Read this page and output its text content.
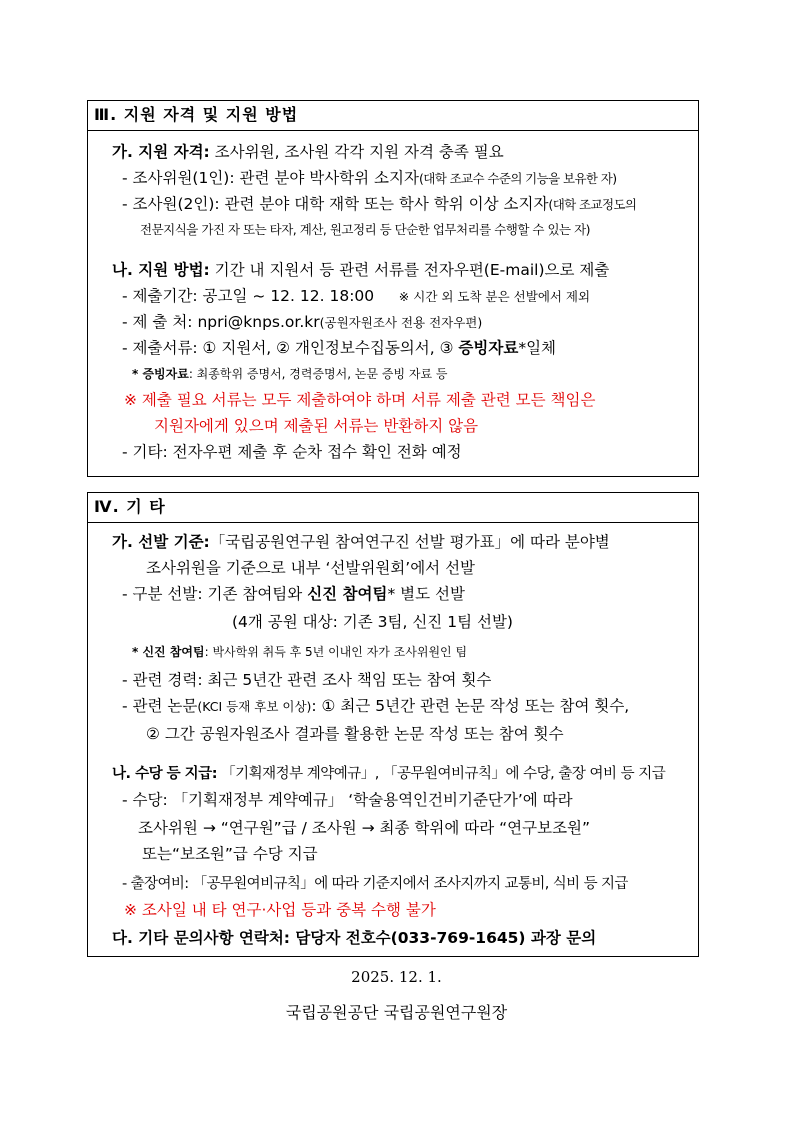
Ⅲ. 지원 자격 및 지원 방법
가. 지원 자격: 조사위원, 조사원 각각 지원 자격 충족 필요
- 조사위원(1인): 관련 분야 박사학위 소지자(대학 조교수 수준의 기능을 보유한 자)
- 조사원(2인): 관련 분야 대학 재학 또는 학사 학위 이상 소지자(대학 조교정도의
전문지식을 가진 자 또는 타자, 계산, 원고정리 등 단순한 업무처리를 수행할 수 있는 자)
나. 지원 방법: 기간 내 지원서 등 관련 서류를 전자우편(E-mail)으로 제출
- 제출기간: 공고일 ~ 12. 12. 18:00 ※ 시간 외 도착 분은 선발에서 제외
- 제 출 처: npri@knps.or.kr(공원자원조사 전용 전자우편)
- 제출서류: ① 지원서, ② 개인정보수집동의서, ③ 증빙자료*일체
* 증빙자료: 최종학위 증명서, 경력증명서, 논문 증빙 자료 등
※ 제출 필요 서류는 모두 제출하여야 하며 서류 제출 관련 모든 책임은
지원자에게 있으며 제출된 서류는 반환하지 않음
- 기타: 전자우편 제출 후 순차 접수 확인 전화 예정
Ⅳ. 기 타
가. 선발 기준:「국립공원연구원 참여연구진 선발 평가표」에 따라 분야별
조사위원을 기준으로 내부 ‘선발위원회’에서 선발
- 구분 선발: 기존 참여팀와 신진 참여팀* 별도 선발
(4개 공원 대상: 기존 3팀, 신진 1팀 선발)
* 신진 참여팀: 박사학위 취득 후 5년 이내인 자가 조사위원인 팀
- 관련 경력: 최근 5년간 관련 조사 책임 또는 참여 횟수
- 관련 논문(KCI 등재 후보 이상): ① 최근 5년간 관련 논문 작성 또는 참여 횟수,
② 그간 공원자원조사 결과를 활용한 논문 작성 또는 참여 횟수
나. 수당 등 지급: 「기획재정부 계약예규」, 「공무원여비규칙」에 수당, 출장 여비 등 지급
- 수당: 「기획재정부 계약예규」 ‘학술용역인건비기준단가’에 따라
조사위원 → “연구원”급 / 조사원 → 최종 학위에 따라 “연구보조원”
또는“보조원”급 수당 지급
- 출장여비: 「공무원여비규칙」에 따라 기준지에서 조사지까지 교통비, 식비 등 지급
※ 조사일 내 타 연구·사업 등과 중복 수행 불가
다. 기타 문의사항 연락처: 담당자 전호수(033-769-1645) 과장 문의
2025. 12. 1.
국립공원공단 국립공원연구원장
